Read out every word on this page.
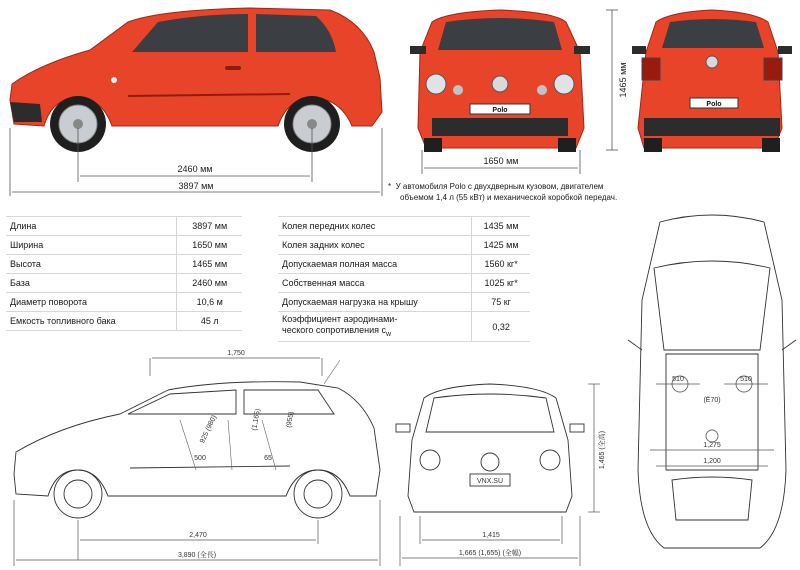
Polo
Polo
2460 мм
3897 мм
1650 мм
1465 мм
* У автомобиля Polo с двухдверным кузовом, двигателем
объемом 1,4 л (55 кВт) и механической коробкой передач.
Длина	3897 мм
Ширина	1650 мм
Высота	1465 мм
База	2460 мм
Диаметр поворота	10,6 м
Емкость топливного бака	45 л
Колея передних колес	1435 мм
Колея задних колес	1425 мм
Допускаемая полная масса	1560 кг*
Собственная масса	1025 кг*
Допускаемая нагрузка на крышу	75 кг

Коэффициент аэродинами-
ческого сопротивления $c_w$	0,32
VNX.SU
1,750
2,470
3,890 (全長)
1,415
1,665 (1,655) (全幅)
1,465 (全高)
500	65
925 (980)	(1,165)	(955)
510	510
(Ё70)
1,275
1,200
